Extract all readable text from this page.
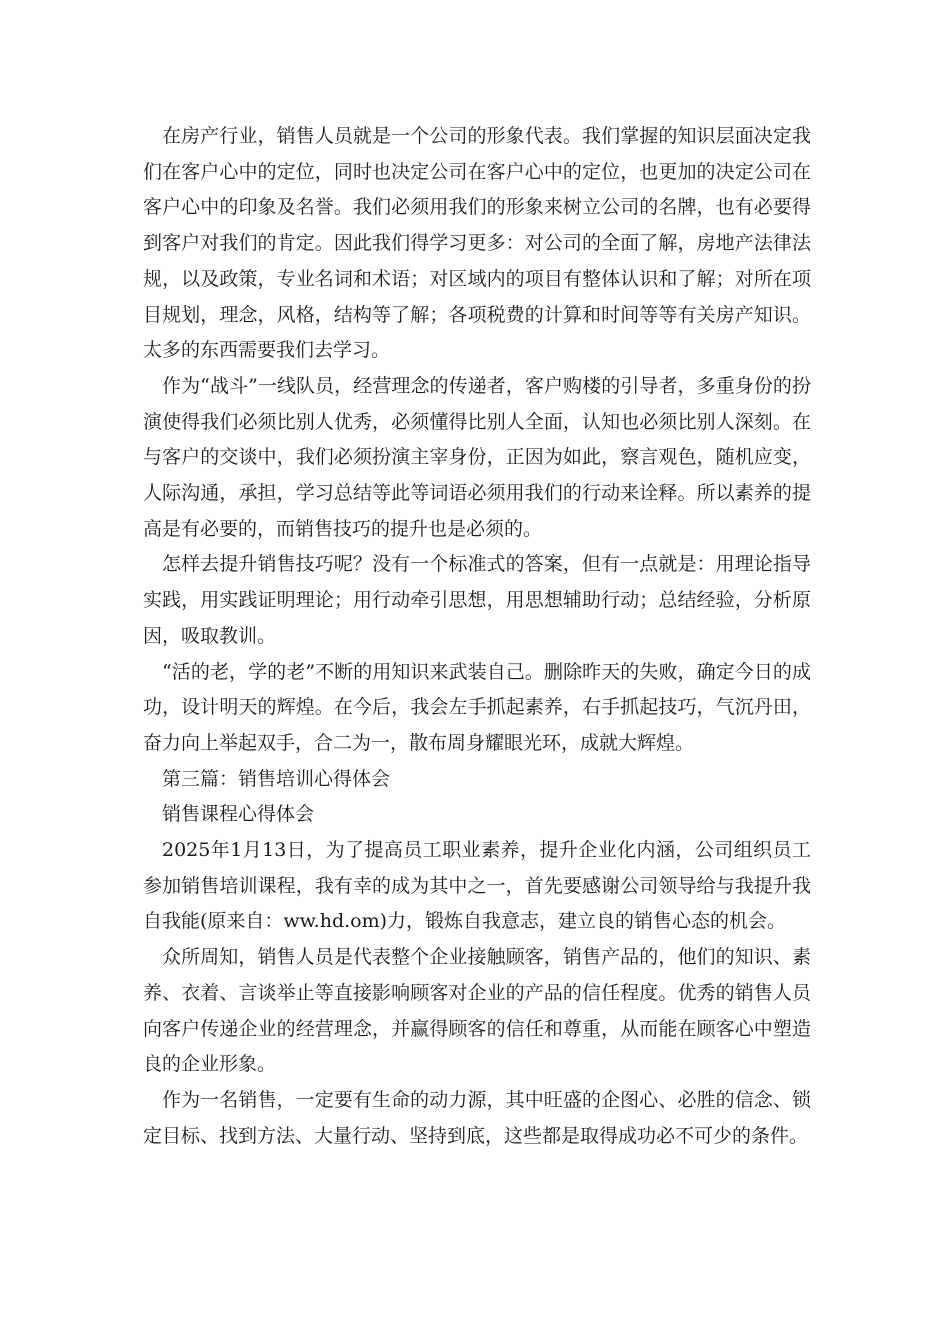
在房产行业，销售人员就是一个公司的形象代表。我们掌握的知识层面决定我们在客户心中的定位，同时也决定公司在客户心中的定位，也更加的决定公司在客户心中的印象及名誉。我们必须用我们的形象来树立公司的名牌，也有必要得到客户对我们的肯定。因此我们得学习更多：对公司的全面了解，房地产法律法规，以及政策，专业名词和术语；对区域内的项目有整体认识和了解；对所在项目规划，理念，风格，结构等了解；各项税费的计算和时间等等有关房产知识。太多的东西需要我们去学习。

作为“战斗”一线队员，经营理念的传递者，客户购楼的引导者，多重身份的扮演使得我们必须比别人优秀，必须懂得比别人全面，认知也必须比别人深刻。在与客户的交谈中，我们必须扮演主宰身份，正因为如此，察言观色，随机应变，人际沟通，承担，学习总结等此等词语必须用我们的行动来诠释。所以素养的提高是有必要的，而销售技巧的提升也是必须的。

怎样去提升销售技巧呢？没有一个标准式的答案，但有一点就是：用理论指导实践，用实践证明理论；用行动牵引思想，用思想辅助行动；总结经验，分析原因，吸取教训。

“活的老，学的老”不断的用知识来武装自己。删除昨天的失败，确定今日的成功，设计明天的辉煌。在今后，我会左手抓起素养，右手抓起技巧，气沉丹田，奋力向上举起双手，合二为一，散布周身耀眼光环，成就大辉煌。

第三篇：销售培训心得体会

销售课程心得体会

2025年1月13日，为了提高员工职业素养，提升企业化内涵，公司组织员工参加销售培训课程，我有幸的成为其中之一，首先要感谢公司领导给与我提升我自我能(原来自：ww.hd.om)力，锻炼自我意志，建立良的销售心态的机会。

众所周知，销售人员是代表整个企业接触顾客，销售产品的，他们的知识、素养、衣着、言谈举止等直接影响顾客对企业的产品的信任程度。优秀的销售人员向客户传递企业的经营理念，并赢得顾客的信任和尊重，从而能在顾客心中塑造良的企业形象。

作为一名销售，一定要有生命的动力源，其中旺盛的企图心、必胜的信念、锁定目标、找到方法、大量行动、坚持到底，这些都是取得成功必不可少的条件。
